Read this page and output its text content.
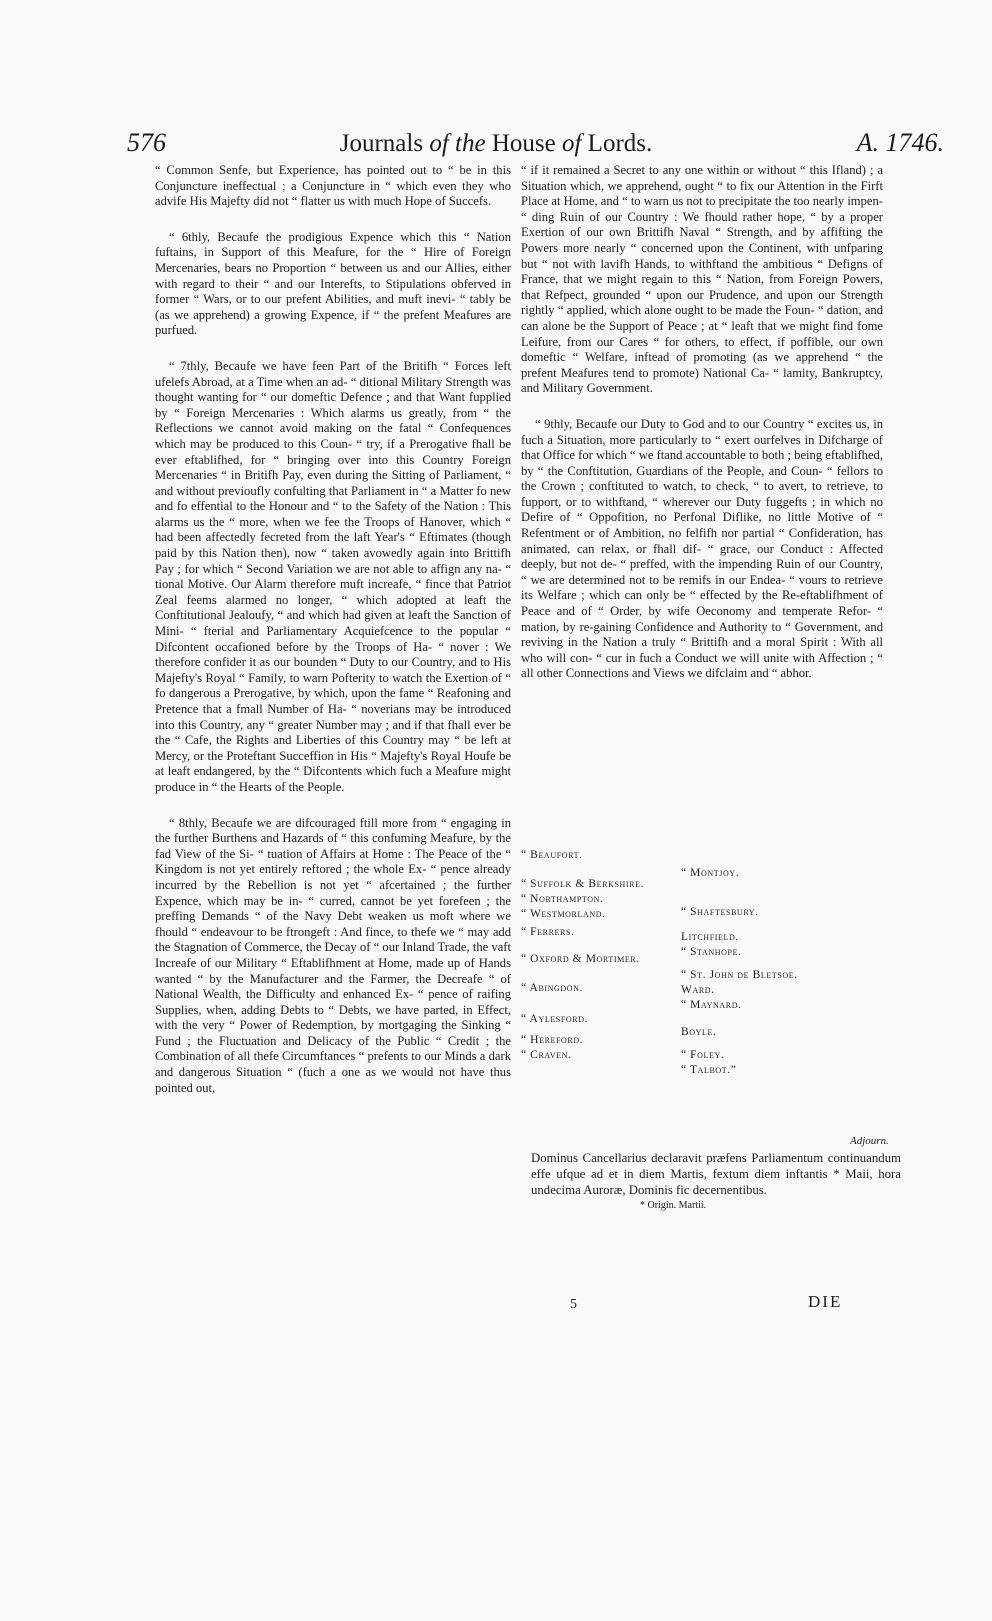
576	Journals of the House of Lords.	A. 1746.

“ Common Senfe, but Experience, has pointed out to “ be in this Conjuncture ineffectual ; a Conjuncture in “ which even they who advife His Majefty did not “ flatter us with much Hope of Succefs.

“ 6thly, Becaufe the prodigious Expence which this “ Nation fuftains, in Support of this Meafure, for the “ Hire of Foreign Mercenaries, bears no Proportion “ between us and our Allies, either with regard to their “ and our Interefts, to Stipulations obferved in former “ Wars, or to our prefent Abilities, and muft inevi- “ tably be (as we apprehend) a growing Expence, if “ the prefent Meafures are purfued.

“ 7thly, Becaufe we have feen Part of the Britifh “ Forces left ufelefs Abroad, at a Time when an ad- “ ditional Military Strength was thought wanting for “ our domeftic Defence ; and that Want fupplied by “ Foreign Mercenaries : Which alarms us greatly, from “ the Reflections we cannot avoid making on the fatal “ Confequences which may be produced to this Coun- “ try, if a Prerogative fhall be ever eftablifhed, for “ bringing over into this Country Foreign Mercenaries “ in Britifh Pay, even during the Sitting of Parliament, “ and without previoufly confulting that Parliament in “ a Matter fo new and fo effential to the Honour and “ to the Safety of the Nation : This alarms us the “ more, when we fee the Troops of Hanover, which “ had been affectedly fecreted from the laft Year's “ Eftimates (though paid by this Nation then), now “ taken avowedly again into Brittifh Pay ; for which “ Second Variation we are not able to affign any na- “ tional Motive. Our Alarm therefore muft increafe, “ fince that Patriot Zeal feems alarmed no longer, “ which adopted at leaft the Conftitutional Jealoufy, “ and which had given at leaft the Sanction of Mini- “ fterial and Parliamentary Acquiefcence to the popular “ Difcontent occafioned before by the Troops of Ha- “ nover : We therefore confider it as our bounden “ Duty to our Country, and to His Majefty's Royal “ Family, to warn Pofterity to watch the Exertion of “ fo dangerous a Prerogative, by which, upon the fame “ Reafoning and Pretence that a fmall Number of Ha- “ noverians may be introduced into this Country, any “ greater Number may ; and if that fhall ever be the “ Cafe, the Rights and Liberties of this Country may “ be left at Mercy, or the Proteftant Succeffion in His “ Majefty's Royal Houfe be at leaft endangered, by the “ Difcontents which fuch a Meafure might produce in “ the Hearts of the People.

“ 8thly, Becaufe we are difcouraged ftill more from “ engaging in the further Burthens and Hazards of “ this confuming Meafure, by the fad View of the Si- “ tuation of Affairs at Home : The Peace of the “ Kingdom is not yet entirely reftored ; the whole Ex- “ pence already incurred by the Rebellion is not yet “ afcertained ; the further Expence, which may be in- “ curred, cannot be yet forefeen ; the preffing Demands “ of the Navy Debt weaken us moft where we fhould “ endeavour to be ftrongeft : And fince, to thefe we “ may add the Stagnation of Commerce, the Decay of “ our Inland Trade, the vaft Increafe of our Military “ Eftablifhment at Home, made up of Hands wanted “ by the Manufacturer and the Farmer, the Decreafe “ of National Wealth, the Difficulty and enhanced Ex- “ pence of raifing Supplies, when, adding Debts to “ Debts, we have parted, in Effect, with the very “ Power of Redemption, by mortgaging the Sinking “ Fund ; the Fluctuation and Delicacy of the Public “ Credit ; the Combination of all thefe Circumftances “ prefents to our Minds a dark and dangerous Situation “ (fuch a one as we would not have thus pointed out,

“ if it remained a Secret to any one within or without “ this Ifland) ; a Situation which, we apprehend, ought “ to fix our Attention in the Firft Place at Home, and “ to warn us not to precipitate the too nearly impen- “ ding Ruin of our Country : We fhould rather hope, “ by a proper Exertion of our own Brittifh Naval “ Strength, and by affifting the Powers more nearly “ concerned upon the Continent, with unfparing but “ not with lavifh Hands, to withftand the ambitious “ Defigns of France, that we might regain to this “ Nation, from Foreign Powers, that Refpect, grounded “ upon our Prudence, and upon our Strength rightly “ applied, which alone ought to be made the Foun- “ dation, and can alone be the Support of Peace ; at “ leaft that we might find fome Leifure, from our Cares “ for others, to effect, if poffible, our own domeftic “ Welfare, inftead of promoting (as we apprehend “ the prefent Meafures tend to promote) National Ca- “ lamity, Bankruptcy, and Military Government.

“ 9thly, Becaufe our Duty to God and to our Country “ excites us, in fuch a Situation, more particularly to “ exert ourfelves in Difcharge of that Office for which “ we ftand accountable to both ; being eftablifhed, by “ the Conftitution, Guardians of the People, and Coun- “ fellors to the Crown ; conftituted to watch, to check, “ to avert, to retrieve, to fupport, or to withftand, “ wherever our Duty fuggefts ; in which no Defire of “ Oppofition, no Perfonal Diflike, no little Motive of “ Refentment or of Ambition, no felfifh nor partial “ Confideration, has animated, can relax, or fhall dif- “ grace, our Conduct : Affected deeply, but not de- “ preffed, with the impending Ruin of our Country, “ we are determined not to be remifs in our Endea- “ vours to retrieve its Welfare ; which can only be “ effected by the Re-eftablifhment of Peace and of “ Order, by wife Oeconomy and temperate Refor- “ mation, by re-gaining Confidence and Authority to “ Government, and reviving in the Nation a truly “ Brittifh and a moral Spirit : With all who will con- “ cur in fuch a Conduct we will unite with Affection ; “ all other Connections and Views we difclaim and “ abhor.

“ Beaufort.
“ Suffolk & Berkshire.
“ Northampton.
“ Westmorland.
“ Ferrers.
“ Oxford & Mortimer.
“ Abingdon.
“ Aylesford.
“ Hereford.
“ Craven.
“ Montjoy.
“ Shaftesbury.
Litchfield.
“ Stanhope.
“ St. John de Bletsoe.
Ward.
“ Maynard.
Boyle.
“ Foley.
“ Talbot.”
Adjourn.

Dominus Cancellarius declaravit præfens Parliamentum continuandum effe ufque ad et in diem Martis, fextum diem inftantis * Maii, hora undecima Auroræ, Dominis fic decernentibus.

* Origin. Martii.
5	DIE
